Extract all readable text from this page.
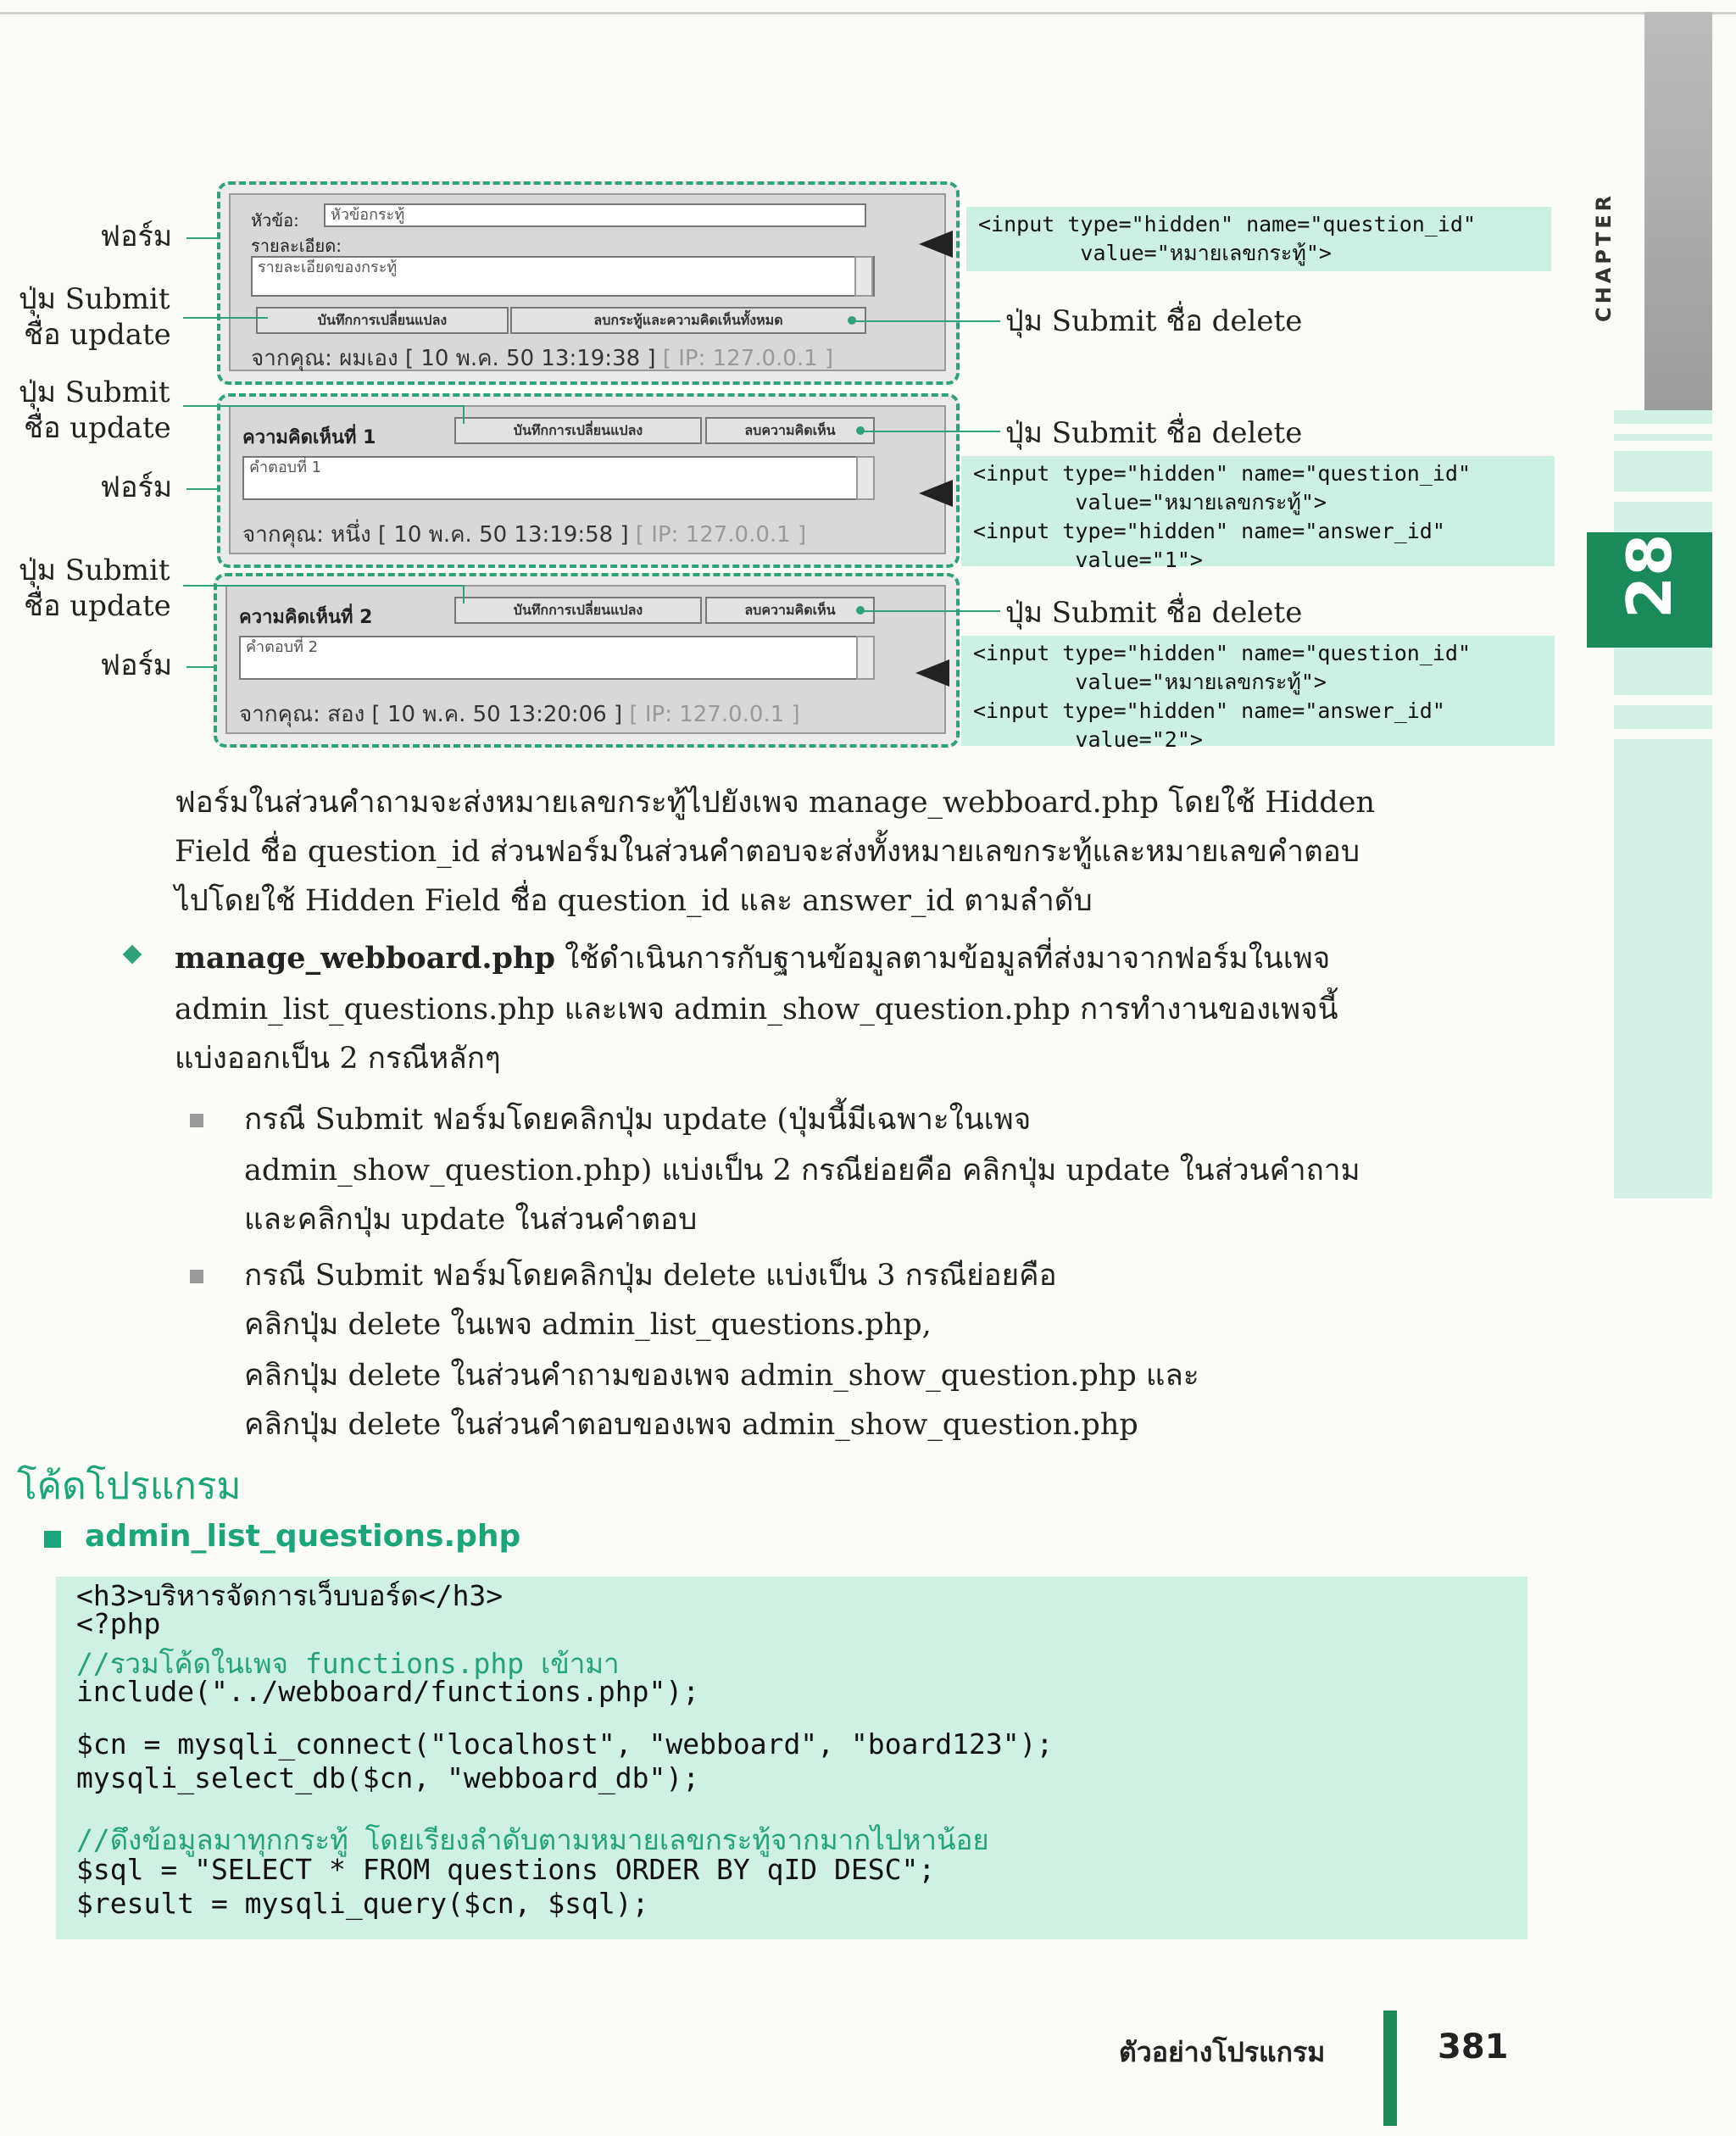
CHAPTER
28
หัวข้อ:	หัวข้อกระทู้
รายละเอียด:
รายละเอียดของกระทู้
บันทึกการเปลี่ยนแปลง	ลบกระทู้และความคิดเห็นทั้งหมด
จากคุณ: ผมเอง [ 10 พ.ค. 50 13:19:38 ] [ IP: 127.0.0.1 ]
ความคิดเห็นที่ 1	บันทึกการเปลี่ยนแปลง	ลบความคิดเห็น
คำตอบที่ 1
จากคุณ: หนึ่ง [ 10 พ.ค. 50 13:19:58 ] [ IP: 127.0.0.1 ]
ความคิดเห็นที่ 2	บันทึกการเปลี่ยนแปลง	ลบความคิดเห็น
คำตอบที่ 2
จากคุณ: สอง [ 10 พ.ค. 50 13:20:06 ] [ IP: 127.0.0.1 ]
ฟอร์ม
ปุ่ม Submit
ชื่อ update
ปุ่ม Submit
ชื่อ update
ฟอร์ม
ปุ่ม Submit
ชื่อ update
ฟอร์ม
<input type="hidden" name="question_id"
value="หมายเลขกระทู้">
ปุ่ม Submit ชื่อ delete
ปุ่ม Submit ชื่อ delete
<input type="hidden" name="question_id"
value="หมายเลขกระทู้">
<input type="hidden" name="answer_id"
value="1">
ปุ่ม Submit ชื่อ delete
<input type="hidden" name="question_id"
value="หมายเลขกระทู้">
<input type="hidden" name="answer_id"
value="2">
ฟอร์มในส่วนคำถามจะส่งหมายเลขกระทู้ไปยังเพจ manage_webboard.php โดยใช้ Hidden
Field ชื่อ question_id ส่วนฟอร์มในส่วนคำตอบจะส่งทั้งหมายเลขกระทู้และหมายเลขคำตอบ
ไปโดยใช้ Hidden Field ชื่อ question_id และ answer_id ตามลำดับ
manage_webboard.php ใช้ดำเนินการกับฐานข้อมูลตามข้อมูลที่ส่งมาจากฟอร์มในเพจ
admin_list_questions.php และเพจ admin_show_question.php การทำงานของเพจนี้
แบ่งออกเป็น 2 กรณีหลักๆ
กรณี Submit ฟอร์มโดยคลิกปุ่ม update (ปุ่มนี้มีเฉพาะในเพจ
admin_show_question.php) แบ่งเป็น 2 กรณีย่อยคือ คลิกปุ่ม update ในส่วนคำถาม
และคลิกปุ่ม update ในส่วนคำตอบ
กรณี Submit ฟอร์มโดยคลิกปุ่ม delete แบ่งเป็น 3 กรณีย่อยคือ
คลิกปุ่ม delete ในเพจ admin_list_questions.php,
คลิกปุ่ม delete ในส่วนคำถามของเพจ admin_show_question.php และ
คลิกปุ่ม delete ในส่วนคำตอบของเพจ admin_show_question.php
โค้ดโปรแกรม
admin_list_questions.php
<h3>บริหารจัดการเว็บบอร์ด</h3>
<?php
//รวมโค้ดในเพจ functions.php เข้ามา
include("../webboard/functions.php");
$cn = mysqli_connect("localhost", "webboard", "board123");
mysqli_select_db($cn, "webboard_db");
//ดึงข้อมูลมาทุกกระทู้ โดยเรียงลำดับตามหมายเลขกระทู้จากมากไปหาน้อย
$sql = "SELECT * FROM questions ORDER BY qID DESC";
$result = mysqli_query($cn, $sql);
ตัวอย่างโปรแกรม	381
